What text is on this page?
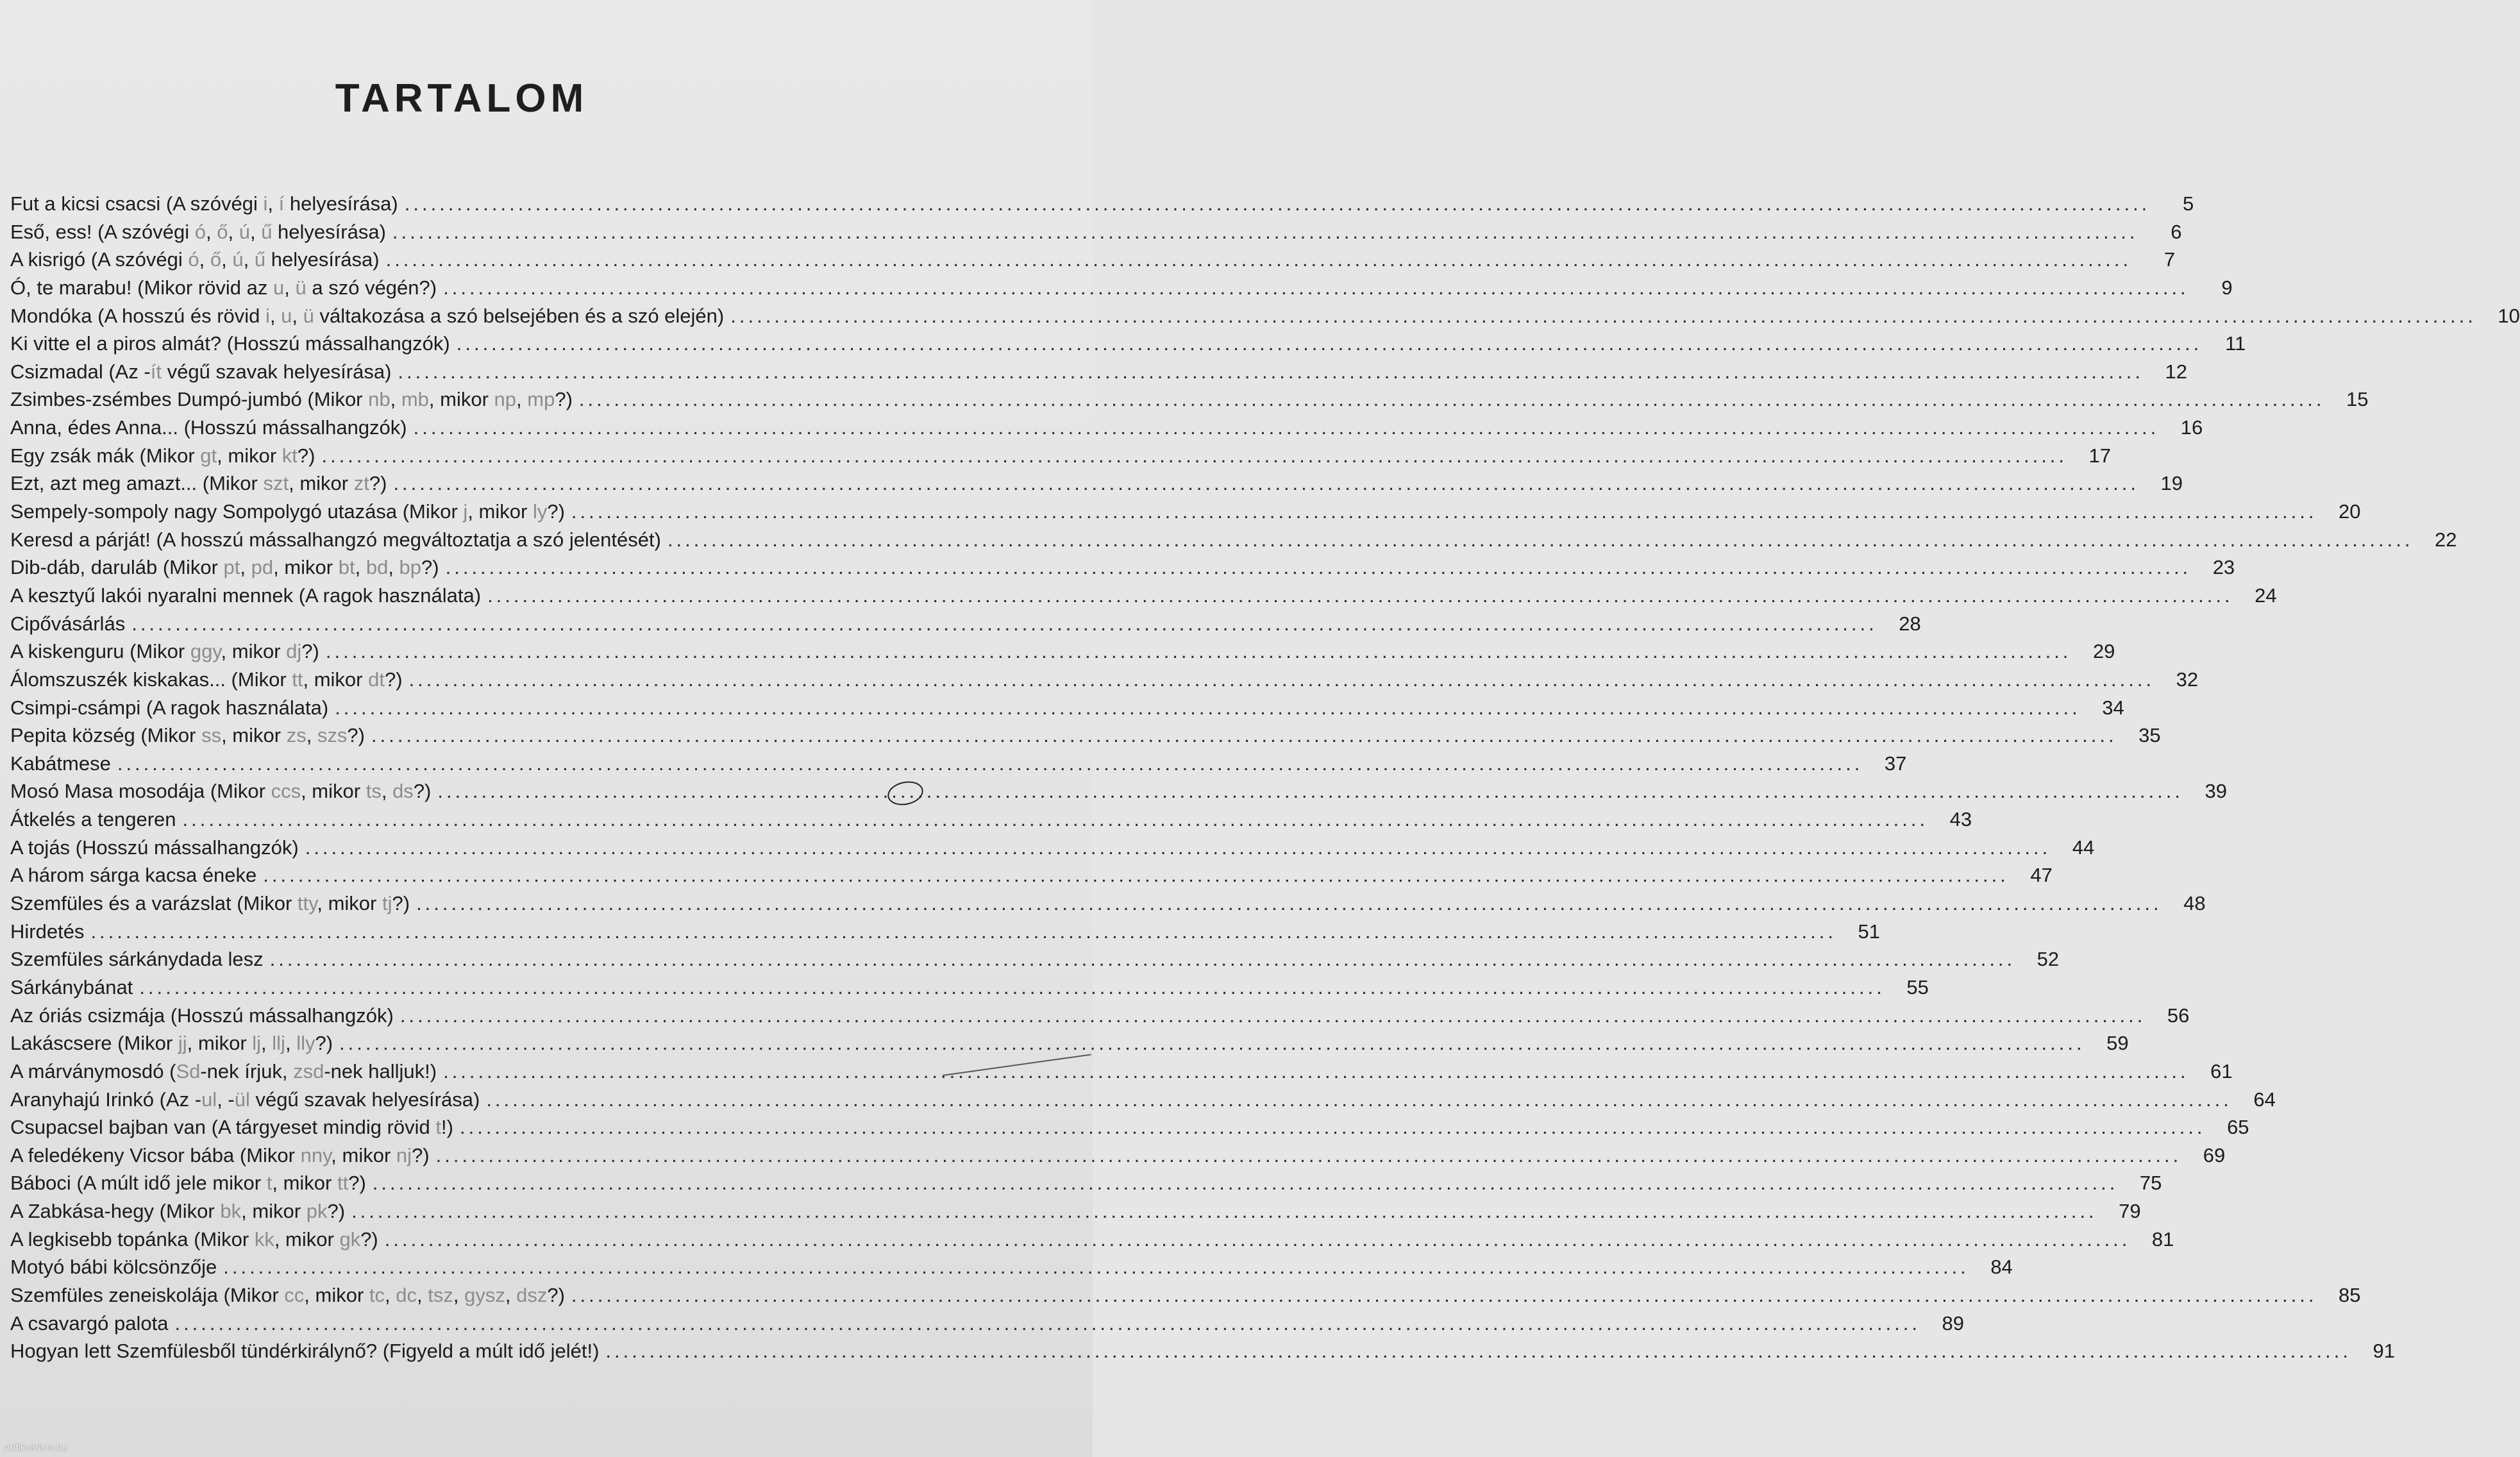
TARTALOM
Fut a kicsi csacsi (A szóvégi i, í helyesírása) ........................................................................................................................................................................................................	5
Eső, ess! (A szóvégi ó, ő, ú, ű helyesírása) ........................................................................................................................................................................................................	6
A kisrigó (A szóvégi ó, ő, ú, ű helyesírása) ........................................................................................................................................................................................................	7
Ó, te marabu! (Mikor rövid az u, ü a szó végén?) ........................................................................................................................................................................................................	9
Mondóka (A hosszú és rövid i, u, ü váltakozása a szó belsejében és a szó elején) ........................................................................................................................................................................................................	10
Ki vitte el a piros almát? (Hosszú mássalhangzók) ........................................................................................................................................................................................................	11
Csizmadal (Az -ít végű szavak helyesírása) ........................................................................................................................................................................................................	12
Zsimbes-zsémbes Dumpó-jumbó (Mikor nb, mb, mikor np, mp?) ........................................................................................................................................................................................................	15
Anna, édes Anna... (Hosszú mássalhangzók) ........................................................................................................................................................................................................	16
Egy zsák mák (Mikor gt, mikor kt?) ........................................................................................................................................................................................................	17
Ezt, azt meg amazt... (Mikor szt, mikor zt?) ........................................................................................................................................................................................................	19
Sempely-sompoly nagy Sompolygó utazása (Mikor j, mikor ly?) ........................................................................................................................................................................................................	20
Keresd a párját! (A hosszú mássalhangzó megváltoztatja a szó jelentését) ........................................................................................................................................................................................................	22
Dib-dáb, daruláb (Mikor pt, pd, mikor bt, bd, bp?) ........................................................................................................................................................................................................	23
A kesztyű lakói nyaralni mennek (A ragok használata) ........................................................................................................................................................................................................	24
Cipővásárlás ........................................................................................................................................................................................................	28
A kiskenguru (Mikor ggy, mikor dj?) ........................................................................................................................................................................................................	29
Álomszuszék kiskakas... (Mikor tt, mikor dt?) ........................................................................................................................................................................................................	32
Csimpi-csámpi (A ragok használata) ........................................................................................................................................................................................................	34
Pepita község (Mikor ss, mikor zs, szs?) ........................................................................................................................................................................................................	35
Kabátmese ........................................................................................................................................................................................................	37
Mosó Masa mosodája (Mikor ccs, mikor ts, ds?) ........................................................................................................................................................................................................	39
Átkelés a tengeren ........................................................................................................................................................................................................	43
A tojás (Hosszú mássalhangzók) ........................................................................................................................................................................................................	44
A három sárga kacsa éneke ........................................................................................................................................................................................................	47
Szemfüles és a varázslat (Mikor tty, mikor tj?) ........................................................................................................................................................................................................	48
Hirdetés ........................................................................................................................................................................................................	51
Szemfüles sárkánydada lesz ........................................................................................................................................................................................................	52
Sárkánybánat ........................................................................................................................................................................................................	55
Az óriás csizmája (Hosszú mássalhangzók) ........................................................................................................................................................................................................	56
Lakáscsere (Mikor jj, mikor lj, llj, lly?) ........................................................................................................................................................................................................	59
A márványmosdó (Sd-nek írjuk, zsd-nek halljuk!) ........................................................................................................................................................................................................	61
Aranyhajú Irinkó (Az -ul, -ül végű szavak helyesírása) ........................................................................................................................................................................................................	64
Csupacsel bajban van (A tárgyeset mindig rövid t!) ........................................................................................................................................................................................................	65
A feledékeny Vicsor bába (Mikor nny, mikor nj?) ........................................................................................................................................................................................................	69
Báboci (A múlt idő jele mikor t, mikor tt?) ........................................................................................................................................................................................................	75
A Zabkása-hegy (Mikor bk, mikor pk?) ........................................................................................................................................................................................................	79
A legkisebb topánka (Mikor kk, mikor gk?) ........................................................................................................................................................................................................	81
Motyó bábi kölcsönzője ........................................................................................................................................................................................................	84
Szemfüles zeneiskolája (Mikor cc, mikor tc, dc, tsz, gysz, dsz?) ........................................................................................................................................................................................................	85
A csavargó palota ........................................................................................................................................................................................................	89
Hogyan lett Szemfülesből tündérkirálynő? (Figyeld a múlt idő jelét!) ........................................................................................................................................................................................................	91
Antikvárium.hu
